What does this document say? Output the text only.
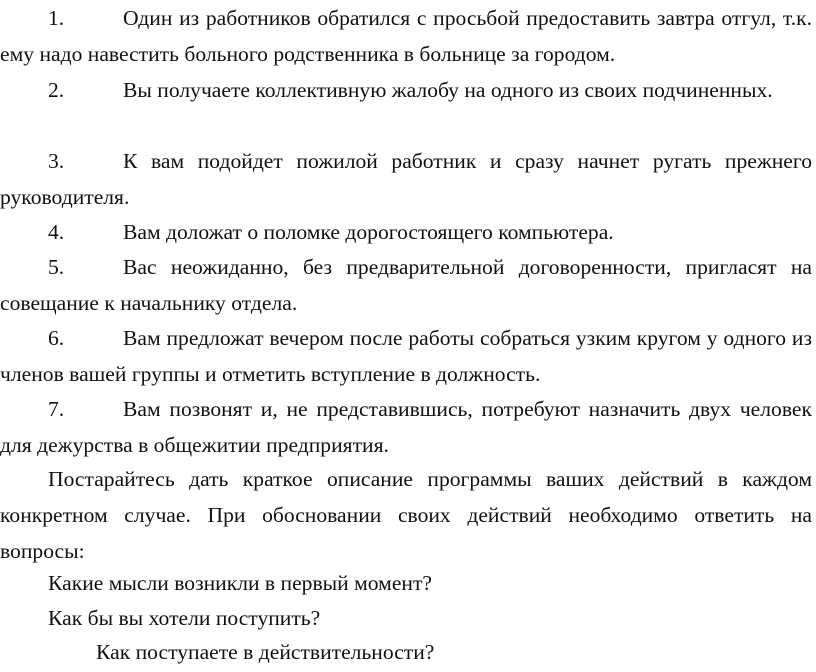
1.	Один из работников обратился с просьбой предоставить завтра отгул, т.к. ему надо навестить больного родственника в больнице за городом.

2.	Вы получаете коллективную жалобу на одного из своих подчиненных.

3.	К вам подойдет пожилой работник и сразу начнет ругать прежнего руководителя.

4.	Вам доложат о поломке дорогостоящего компьютера.

5.	Вас неожиданно, без предварительной договоренности, пригласят на совещание к начальнику отдела.

6.	Вам предложат вечером после работы собраться узким кругом у одного из членов вашей группы и отметить вступление в должность.

7.	Вам позвонят и, не представившись, потребуют назначить двух человек для дежурства в общежитии предприятия.

Постарайтесь дать краткое описание программы ваших действий в каждом конкретном случае. При обосновании своих действий необходимо ответить на вопросы:

Какие мысли возникли в первый момент?

Как бы вы хотели поступить?

Как поступаете в действительности?
